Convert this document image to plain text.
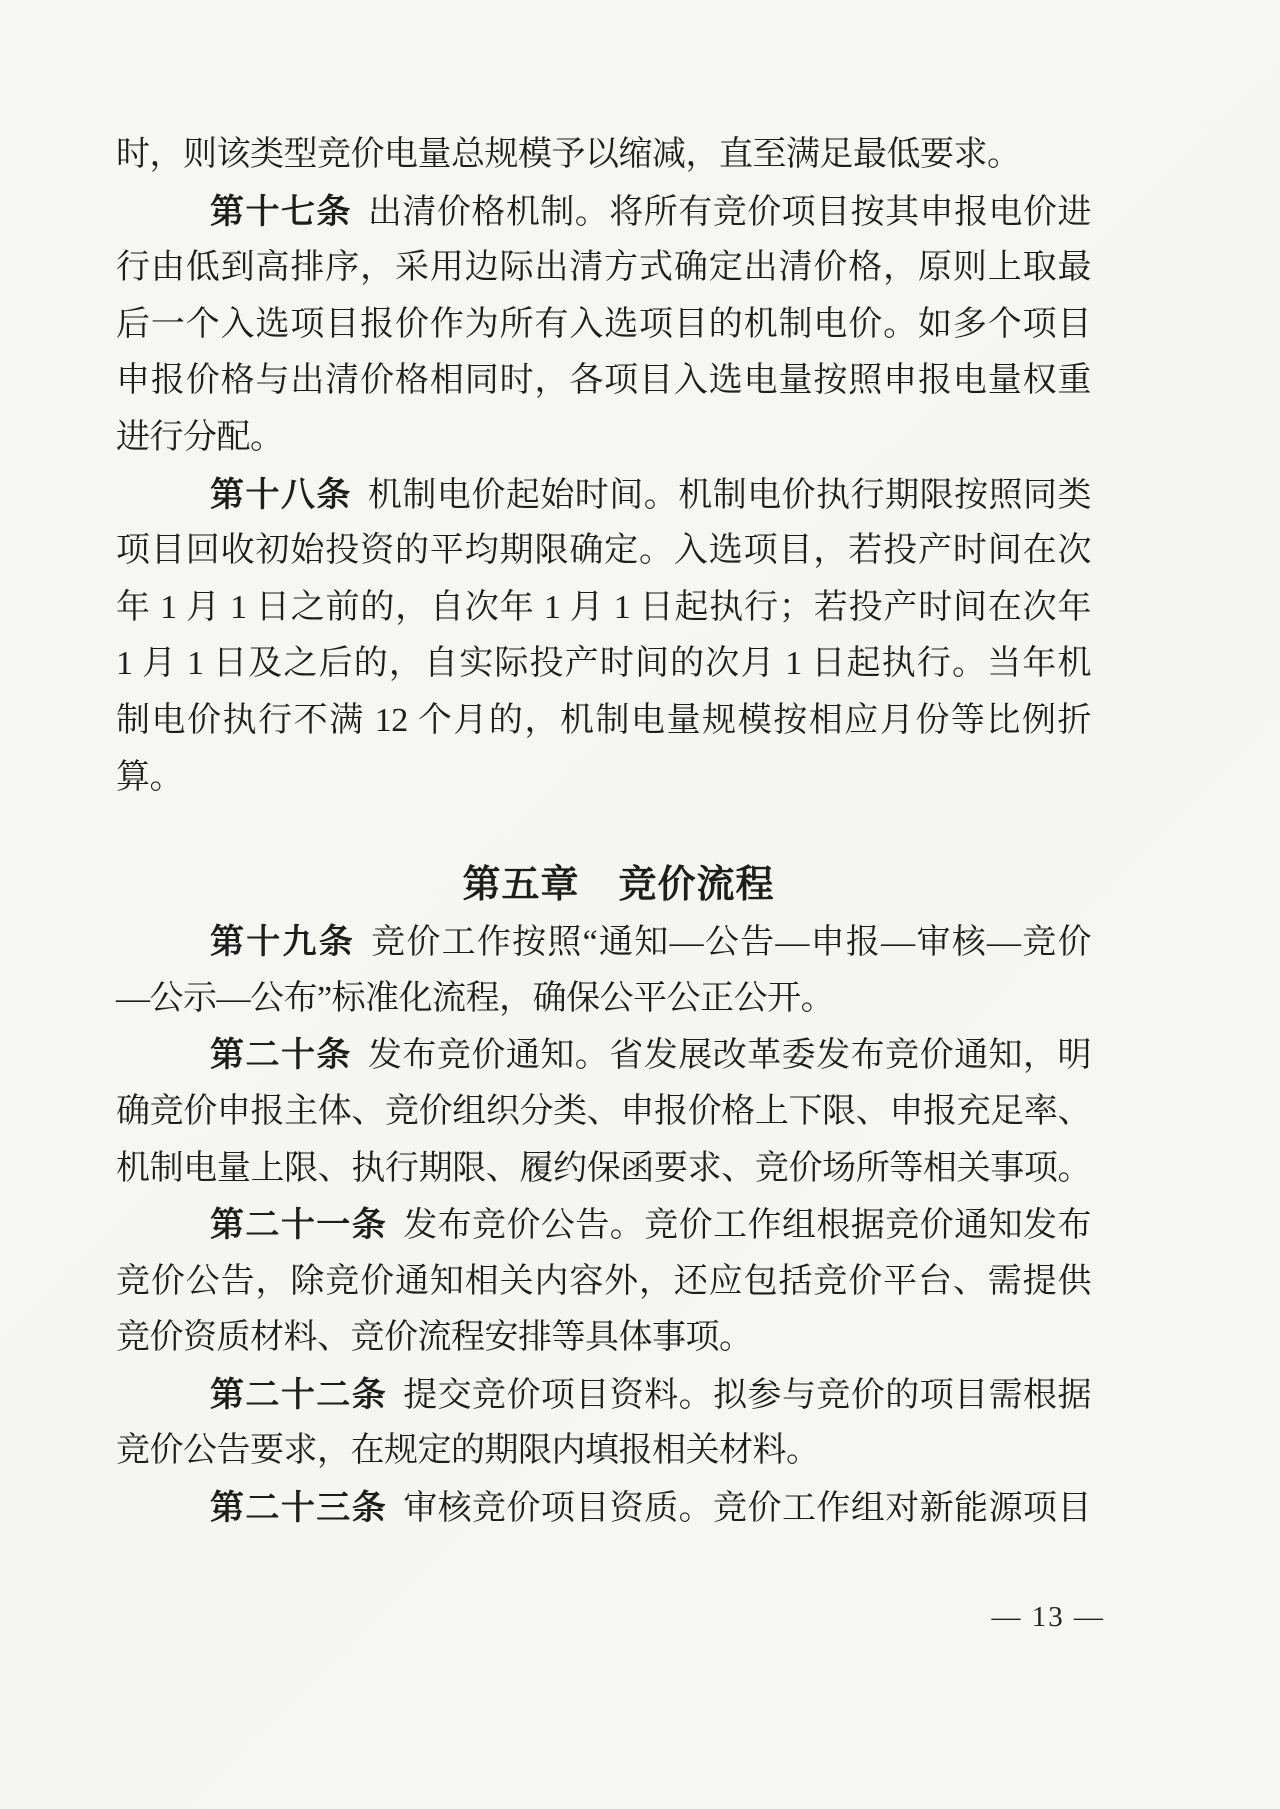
时，则该类型竞价电量总规模予以缩减，直至满足最低要求。
第十七条 出清价格机制。将所有竞价项目按其申报电价进
行由低到高排序，采用边际出清方式确定出清价格，原则上取最
后一个入选项目报价作为所有入选项目的机制电价。如多个项目
申报价格与出清价格相同时，各项目入选电量按照申报电量权重
进行分配。
第十八条 机制电价起始时间。机制电价执行期限按照同类
项目回收初始投资的平均期限确定。入选项目，若投产时间在次
年 1 月 1 日之前的，自次年 1 月 1 日起执行；若投产时间在次年
1 月 1 日及之后的，自实际投产时间的次月 1 日起执行。当年机
制电价执行不满 12 个月的，机制电量规模按相应月份等比例折
算。
第五章　竞价流程
第十九条 竞价工作按照“通知—公告—申报—审核—竞价
—公示—公布”标准化流程，确保公平公正公开。
第二十条 发布竞价通知。省发展改革委发布竞价通知，明
确竞价申报主体、竞价组织分类、申报价格上下限、申报充足率、
机制电量上限、执行期限、履约保函要求、竞价场所等相关事项。
第二十一条 发布竞价公告。竞价工作组根据竞价通知发布
竞价公告，除竞价通知相关内容外，还应包括竞价平台、需提供
竞价资质材料、竞价流程安排等具体事项。
第二十二条 提交竞价项目资料。拟参与竞价的项目需根据
竞价公告要求，在规定的期限内填报相关材料。
第二十三条 审核竞价项目资质。竞价工作组对新能源项目
— 13 —
